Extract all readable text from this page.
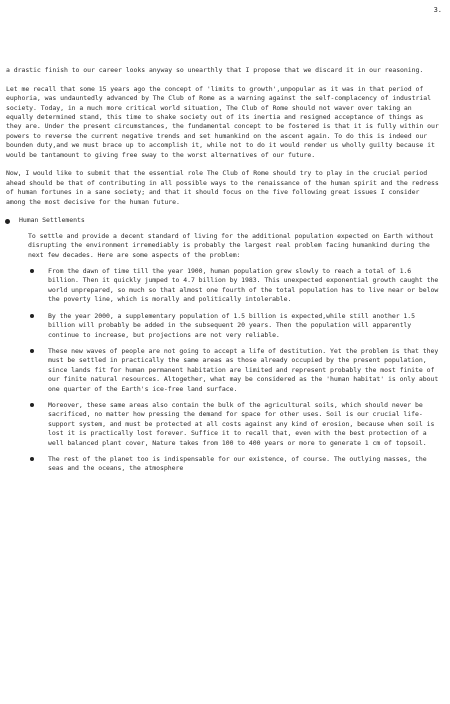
3.

a drastic finish to our career looks anyway so unearthly that I propose that we discard it in our reasoning.

Let me recall that some 15 years ago the concept of 'limits to growth',unpopular as it was in that period of euphoria, was undauntedly advanced by The Club of Rome as a warning against the self-complacency of industrial society. Today, in a much more critical world situation, The Club of Rome should not waver over taking an equally determined stand, this time to shake society out of its inertia and resigned acceptance of things as they are. Under the present circumstances, the fundamental concept to be fostered is that it is fully within our powers to reverse the current negative trends and set humankind on the ascent again. To do this is indeed our bounden duty,and we must brace up to accomplish it, while not to do it would render us wholly guilty because it would be tantamount to giving free sway to the worst alternatives of our future.

Now, I would like to submit that the essential role The Club of Rome should try to play in the crucial period ahead should be that of contributing in all possible ways to the renaissance of the human spirit and the redress of human fortunes in a sane society; and that it should focus on the five following great issues I consider among the most decisive for the human future.

Human Settlements

To settle and provide a decent standard of living for the additional population expected on Earth without disrupting the environment irremediably is probably the largest real problem facing humankind during the next few decades. Here are some aspects of the problem:

From the dawn of time till the year 1900, human population grew slowly to reach a total of 1.6 billion. Then it quickly jumped to 4.7 billion by 1983. This unexpected exponential growth caught the world unprepared, so much so that almost one fourth of the total population has to live near or below the poverty line, which is morally and politically intolerable.
By the year 2000, a supplementary population of 1.5 billion is expected,while still another 1.5 billion will probably be added in the subsequent 20 years. Then the population will apparently continue to increase, but projections are not very reliable.
These new waves of people are not going to accept a life of destitution. Yet the problem is that they must be settled in practically the same areas as those already occupied by the present population, since lands fit for human permanent habitation are limited and represent probably the most finite of our finite natural resources. Altogether, what may be considered as the 'human habitat' is only about one quarter of the Earth's ice-free land surface.
Moreover, these same areas also contain the bulk of the agricultural soils, which should never be sacrificed, no matter how pressing the demand for space for other uses. Soil is our crucial life-support system, and must be protected at all costs against any kind of erosion, because when soil is lost it is practically lost forever. Suffice it to recall that, even with the best protection of a well balanced plant cover, Nature takes from 100 to 400 years or more to generate 1 cm of topsoil.
The rest of the planet too is indispensable for our existence, of course. The outlying masses, the seas and the oceans, the atmosphere
